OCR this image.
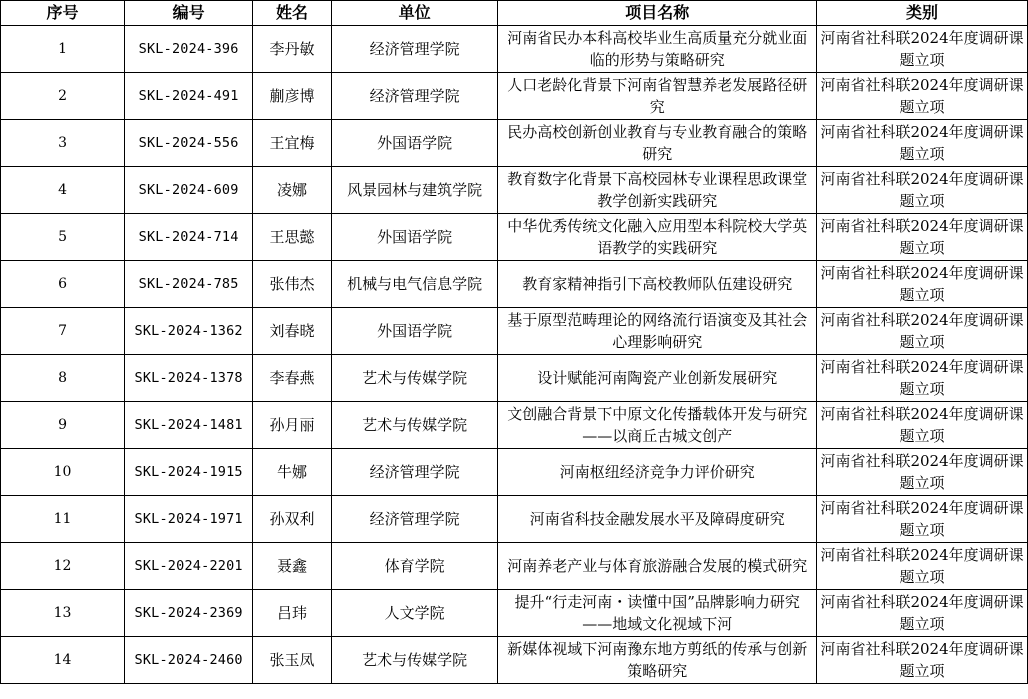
序号	编号	姓名	单位	项目名称	类别
1	SKL-2024-396	李丹敏	经济管理学院	河南省民办本科高校毕业生高质量充分就业面临的形势与策略研究	河南省社科联2024年度调研课题立项
2	SKL-2024-491	蒯彦博	经济管理学院	人口老龄化背景下河南省智慧养老发展路径研究	河南省社科联2024年度调研课题立项
3	SKL-2024-556	王宜梅	外国语学院	民办高校创新创业教育与专业教育融合的策略研究	河南省社科联2024年度调研课题立项
4	SKL-2024-609	凌娜	风景园林与建筑学院	教育数字化背景下高校园林专业课程思政课堂教学创新实践研究	河南省社科联2024年度调研课题立项
5	SKL-2024-714	王思懿	外国语学院	中华优秀传统文化融入应用型本科院校大学英语教学的实践研究	河南省社科联2024年度调研课题立项
6	SKL-2024-785	张伟杰	机械与电气信息学院	教育家精神指引下高校教师队伍建设研究	河南省社科联2024年度调研课题立项
7	SKL-2024-1362	刘春晓	外国语学院	基于原型范畴理论的网络流行语演变及其社会心理影响研究	河南省社科联2024年度调研课题立项
8	SKL-2024-1378	李春燕	艺术与传媒学院	设计赋能河南陶瓷产业创新发展研究	河南省社科联2024年度调研课题立项
9	SKL-2024-1481	孙月丽	艺术与传媒学院	文创融合背景下中原文化传播载体开发与研究——以商丘古城文创产	河南省社科联2024年度调研课题立项
10	SKL-2024-1915	牛娜	经济管理学院	河南枢纽经济竞争力评价研究	河南省社科联2024年度调研课题立项
11	SKL-2024-1971	孙双利	经济管理学院	河南省科技金融发展水平及障碍度研究	河南省社科联2024年度调研课题立项
12	SKL-2024-2201	聂鑫	体育学院	河南养老产业与体育旅游融合发展的模式研究	河南省社科联2024年度调研课题立项
13	SKL-2024-2369	吕玮	人文学院	提升“行走河南・读懂中国”品牌影响力研究——地域文化视域下河	河南省社科联2024年度调研课题立项
14	SKL-2024-2460	张玉凤	艺术与传媒学院	新媒体视域下河南豫东地方剪纸的传承与创新策略研究	河南省社科联2024年度调研课题立项
